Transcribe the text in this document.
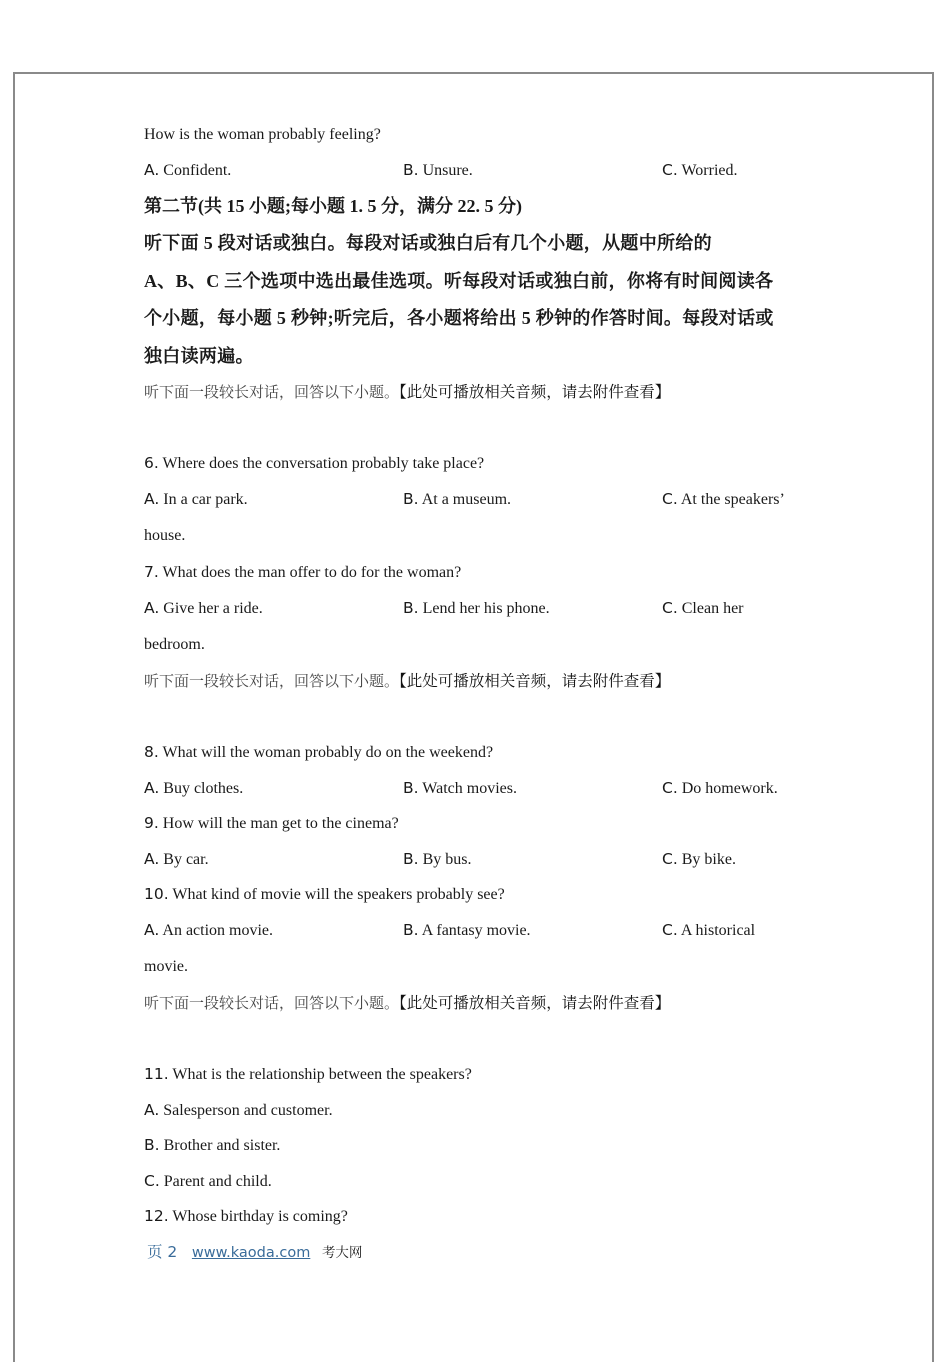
How is the woman probably feeling?
A. Confident.	B. Unsure.	C. Worried.
第二节(共 15 小题;每小题 1. 5 分，满分 22. 5 分)
听下面 5 段对话或独白。每段对话或独白后有几个小题，从题中所给的
A、B、C 三个选项中选出最佳选项。听每段对话或独白前，你将有时间阅读各
个小题，每小题 5 秒钟;听完后，各小题将给出 5 秒钟的作答时间。每段对话或
独白读两遍。
听下面一段较长对话，回答以下小题。【此处可播放相关音频，请去附件查看】
6. Where does the conversation probably take place?
A. In a car park.	B. At a museum.	C. At the speakers’
house.
7. What does the man offer to do for the woman?
A. Give her a ride.	B. Lend her his phone.	C. Clean her
bedroom.
听下面一段较长对话，回答以下小题。【此处可播放相关音频，请去附件查看】
8. What will the woman probably do on the weekend?
A. Buy clothes.	B. Watch movies.	C. Do homework.
9. How will the man get to the cinema?
A. By car.	B. By bus.	C. By bike.
10. What kind of movie will the speakers probably see?
A. An action movie.	B. A fantasy movie.	C. A historical
movie.
听下面一段较长对话，回答以下小题。【此处可播放相关音频，请去附件查看】
11. What is the relationship between the speakers?
A. Salesperson and customer.
B. Brother and sister.
C. Parent and child.
12. Whose birthday is coming?
页 2 www.kaoda.com 考大网
